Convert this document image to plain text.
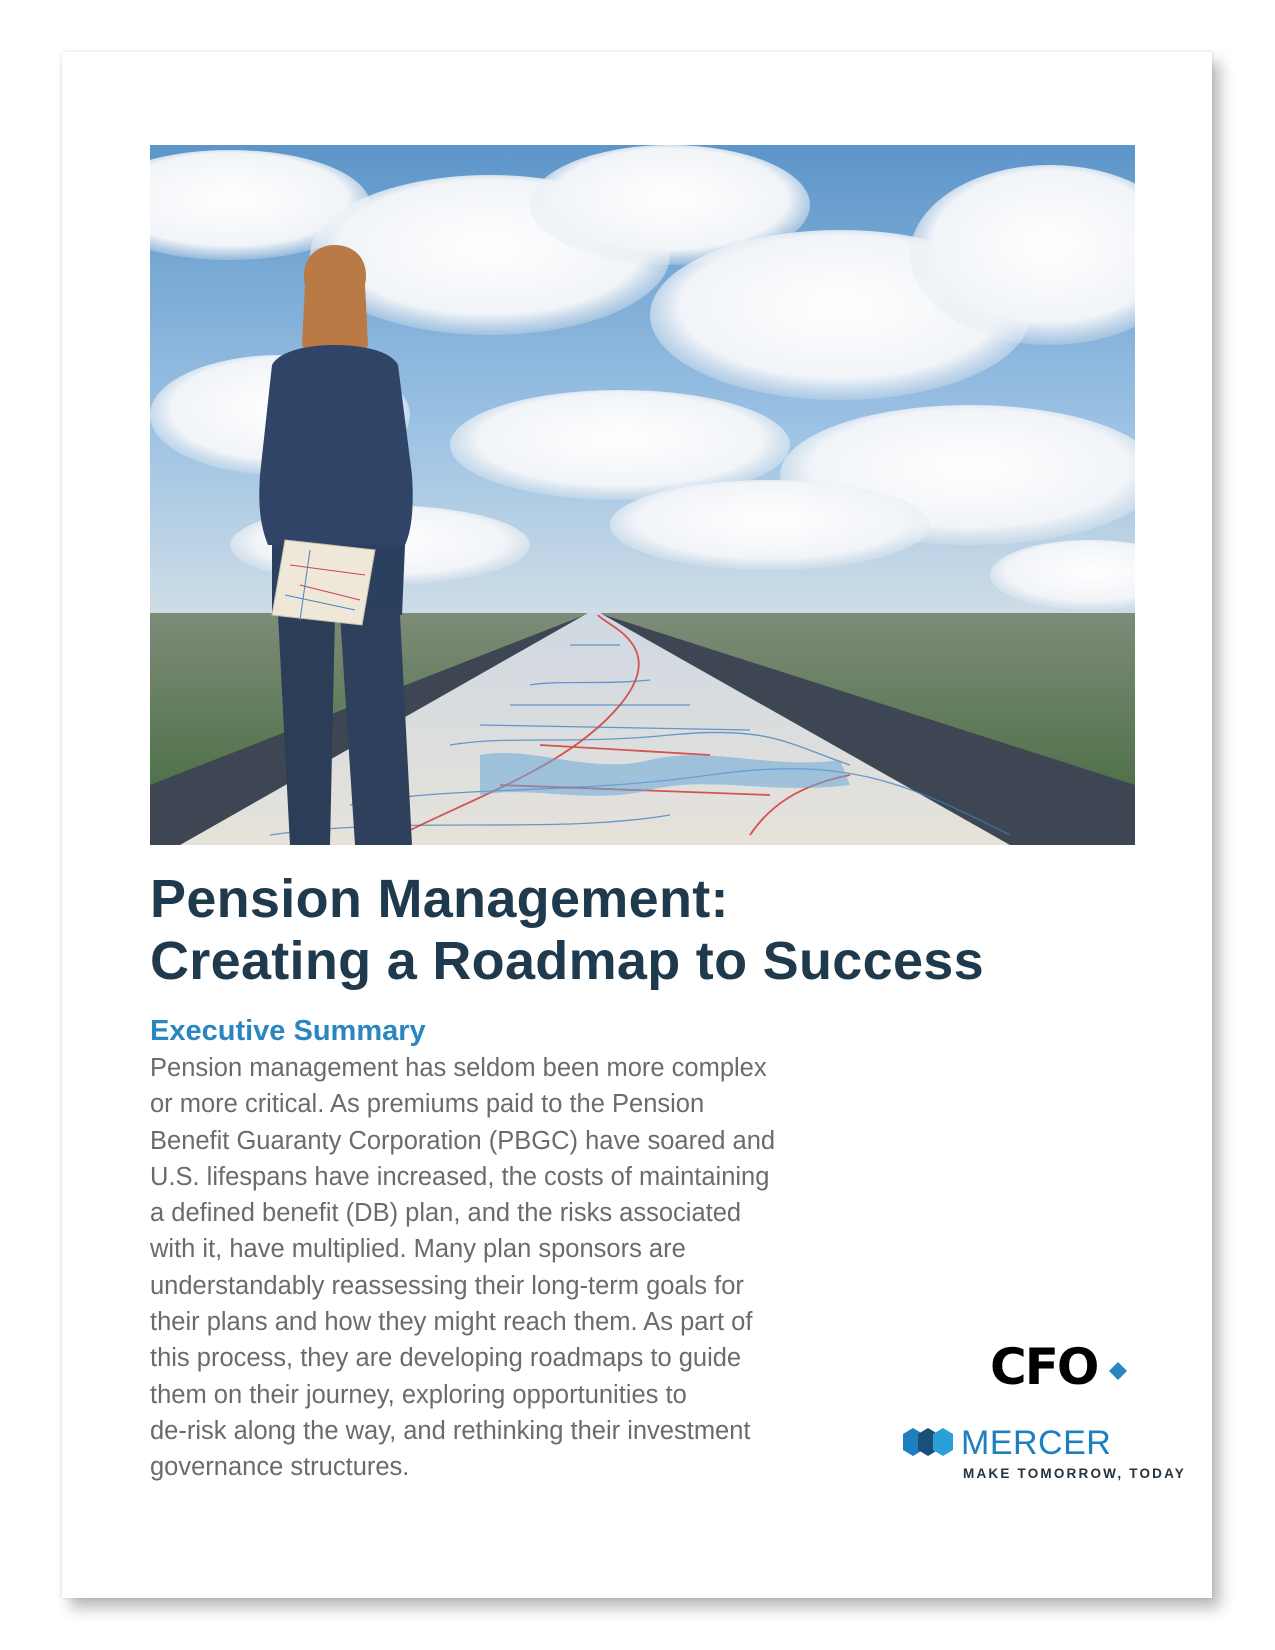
Pension Management:
Creating a Roadmap to Success
Executive Summary

Pension management has seldom been more complex
or more critical. As premiums paid to the Pension
Benefit Guaranty Corporation (PBGC) have soared and
U.S. lifespans have increased, the costs of maintaining
a defined benefit (DB) plan, and the risks associated
with it, have multiplied. Many plan sponsors are
understandably reassessing their long-term goals for
their plans and how they might reach them. As part of
this process, they are developing roadmaps to guide
them on their journey, exploring opportunities to
de-risk along the way, and rethinking their investment
governance structures.

CFO
MERCER
MAKE TOMORROW, TODAY
